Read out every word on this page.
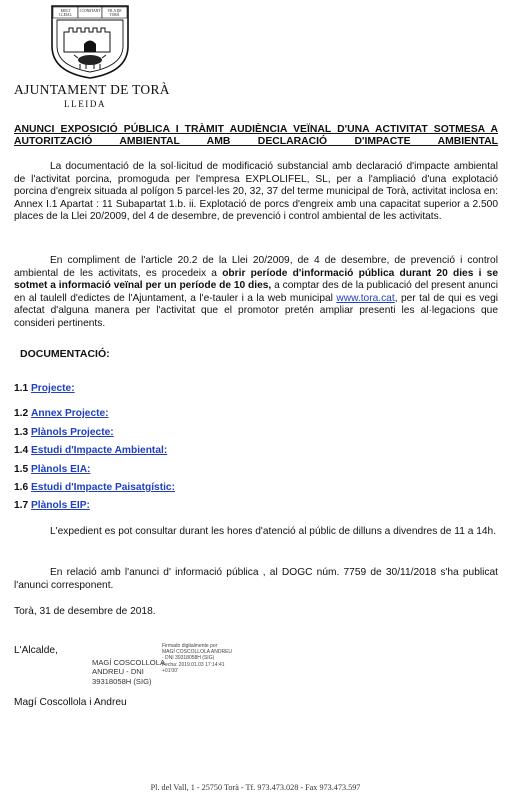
MOLT LLEIAL
I CONSTANT	VILA DE TORÀ
AJUNTAMENT DE TORÀ
LLEIDA
ANUNCI EXPOSICIÓ PÚBLICA I TRÀMIT AUDIÈNCIA VEÏNAL D'UNA ACTIVITAT SOTMESA A AUTORITZACIÓ AMBIENTAL AMB DECLARACIÓ D'IMPACTE AMBIENTAL
La documentació de la sol·licitud de modificació substancial amb declaració d'impacte ambiental de l'activitat porcina, promoguda per l'empresa EXPLOLIFEL, SL, per a l'ampliació d'una explotació porcina d'engreix situada al polígon 5 parcel·les 20, 32, 37 del terme municipal de Torà, activitat inclosa en: Annex I.1 Apartat : 11 Subapartat 1.b. ii. Explotació de porcs d'engreix amb una capacitat superior a 2.500 places de la Llei 20/2009, del 4 de desembre, de prevenció i control ambiental de les activitats.
En compliment de l'article 20.2 de la Llei 20/2009, de 4 de desembre, de prevenció i control ambiental de les activitats, es procedeix a obrir període d'informació pública durant 20 dies i se sotmet a informació veïnal per un període de 10 dies, a comptar des de la publicació del present anunci en al taulell d'edictes de l'Ajuntament, a l'e-tauler i a la web municipal www.tora.cat, per tal de qui es vegi afectat d'alguna manera per l'activitat que el promotor pretén ampliar presenti les al·legacions que consideri pertinents.
DOCUMENTACIÓ:
1.1 Projecte:
1.2 Annex Projecte:
1.3 Plànols Projecte:
1.4 Estudi d'Impacte Ambiental:
1.5 Plànols EIA:
1.6 Estudi d'Impacte Paisatgístic:
1.7 Plànols EIP:
L'expedient es pot consultar durant les hores d'atenció al públic de dilluns a divendres de 11 a 14h.
En relació amb l'anunci d' informació pública , al DOGC núm. 7759 de 30/11/2018 s'ha publicat l'anunci corresponent.
Torà, 31 de desembre de 2018.
L'Alcalde,
MAGÍ COSCOLLOLA
ANDREU - DNI
39318058H (SIG)
Firmado digitalmente por
MAGÍ COSCOLLOLA ANDREU
- DNI 39318058H (SIG)
Fecha: 2019.01.03 17:14:41
+01'00'
Magí Coscollola i Andreu
Pl. del Vall, 1 - 25750 Torà - Tf. 973.473.028 - Fax 973.473.597
